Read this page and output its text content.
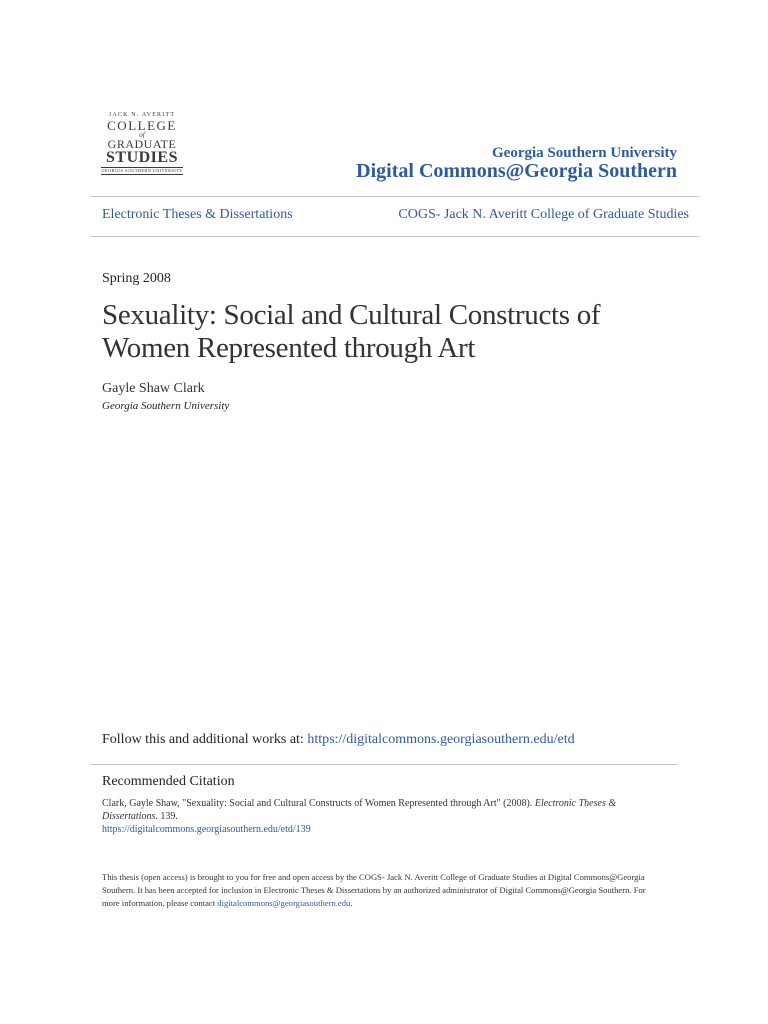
JACK N. AVERITT
COLLEGE
of
GRADUATE
STUDIES
GEORGIA SOUTHERN UNIVERSITY
Georgia Southern University
Digital Commons@Georgia Southern
Electronic Theses & Dissertations	COGS- Jack N. Averitt College of Graduate Studies
Spring 2008
Sexuality: Social and Cultural Constructs of Women Represented through Art
Gayle Shaw Clark
Georgia Southern University
Follow this and additional works at: https://digitalcommons.georgiasouthern.edu/etd
Recommended Citation
Clark, Gayle Shaw, "Sexuality: Social and Cultural Constructs of Women Represented through Art" (2008). Electronic Theses & Dissertations. 139.
https://digitalcommons.georgiasouthern.edu/etd/139
This thesis (open access) is brought to you for free and open access by the COGS- Jack N. Averitt College of Graduate Studies at Digital Commons@Georgia Southern. It has been accepted for inclusion in Electronic Theses & Dissertations by an authorized administrator of Digital Commons@Georgia Southern. For more information, please contact digitalcommons@georgiasouthern.edu.
